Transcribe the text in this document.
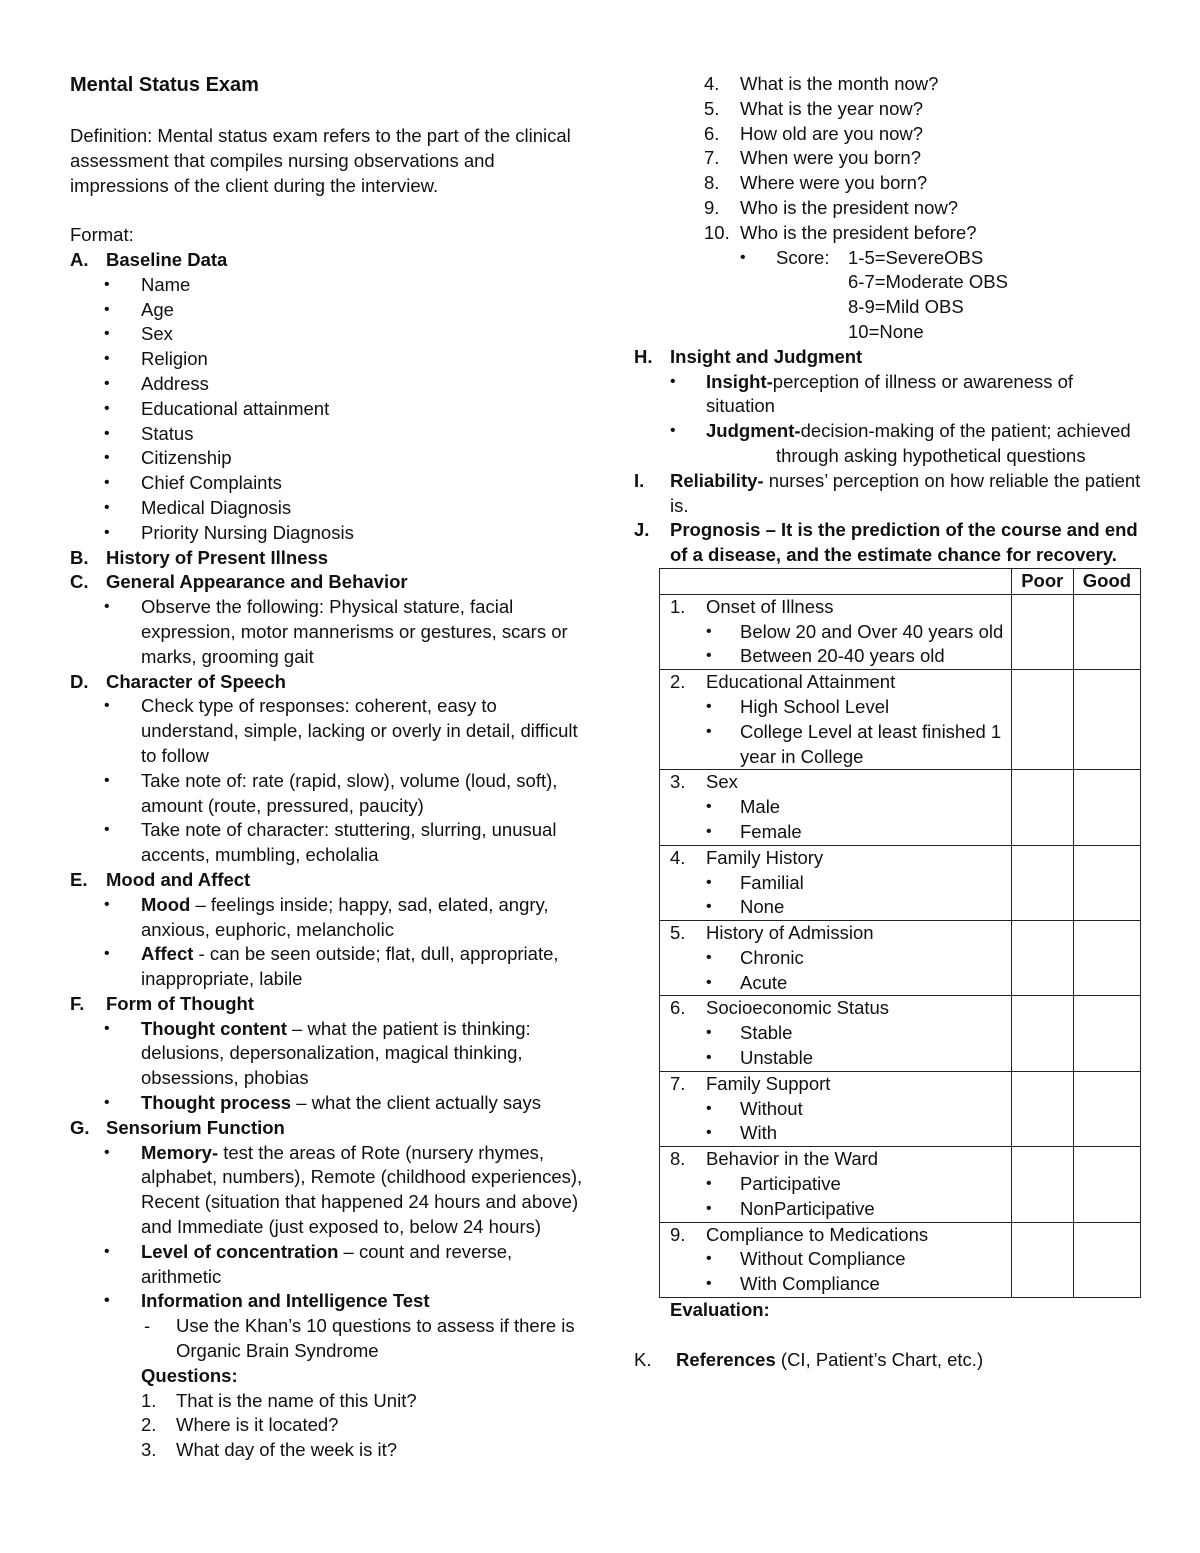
Mental Status Exam
Definition: Mental status exam refers to the part of the clinical
assessment that compiles nursing observations and
impressions of the client during the interview.
Format:
A. Baseline Data
• Name
• Age
• Sex
• Religion
• Address
• Educational attainment
• Status
• Citizenship
• Chief Complaints
• Medical Diagnosis
• Priority Nursing Diagnosis
B. History of Present Illness
C. General Appearance and Behavior
• Observe the following: Physical stature, facial
expression, motor mannerisms or gestures, scars or
marks, grooming gait
D. Character of Speech
• Check type of responses: coherent, easy to
understand, simple, lacking or overly in detail, difficult
to follow
• Take note of: rate (rapid, slow), volume (loud, soft),
amount (route, pressured, paucity)
• Take note of character: stuttering, slurring, unusual
accents, mumbling, echolalia
E. Mood and Affect
• Mood – feelings inside; happy, sad, elated, angry,
anxious, euphoric, melancholic
• Affect - can be seen outside; flat, dull, appropriate,
inappropriate, labile
F. Form of Thought
• Thought content – what the patient is thinking:
delusions, depersonalization, magical thinking,
obsessions, phobias
• Thought process – what the client actually says
G. Sensorium Function
• Memory- test the areas of Rote (nursery rhymes,
alphabet, numbers), Remote (childhood experiences),
Recent (situation that happened 24 hours and above)
and Immediate (just exposed to, below 24 hours)
• Level of concentration – count and reverse,
arithmetic
• Information and Intelligence Test
- Use the Khan’s 10 questions to assess if there is
Organic Brain Syndrome
Questions:
1. That is the name of this Unit?
2. Where is it located?
3. What day of the week is it?
4. What is the month now?
5. What is the year now?
6. How old are you now?
7. When were you born?
8. Where were you born?
9. Who is the president now?
10. Who is the president before?
• Score: 1-5=SevereOBS
6-7=Moderate OBS
8-9=Mild OBS
10=None
H. Insight and Judgment
• Insight-perception of illness or awareness of situation
• Judgment-decision-making of the patient; achieved
through asking hypothetical questions
I. Reliability- nurses’ perception on how reliable the patient
is.
J. Prognosis – It is the prediction of the course and end
of a disease, and the estimate chance for recovery.
	Poor	Good

1. Onset of Illness
• Below 20 and Over 40 years old
• Between 20-40 years old

2. Educational Attainment
• High School Level
• College Level at least finished 1
year in College

3. Sex
• Male
• Female

4. Family History
• Familial
• None

5. History of Admission
• Chronic
• Acute

6. Socioeconomic Status
• Stable
• Unstable

7. Family Support
• Without
• With

8. Behavior in the Ward
• Participative
• NonParticipative

9. Compliance to Medications
• Without Compliance
• With Compliance

Evaluation:
K. References (CI, Patient’s Chart, etc.)
